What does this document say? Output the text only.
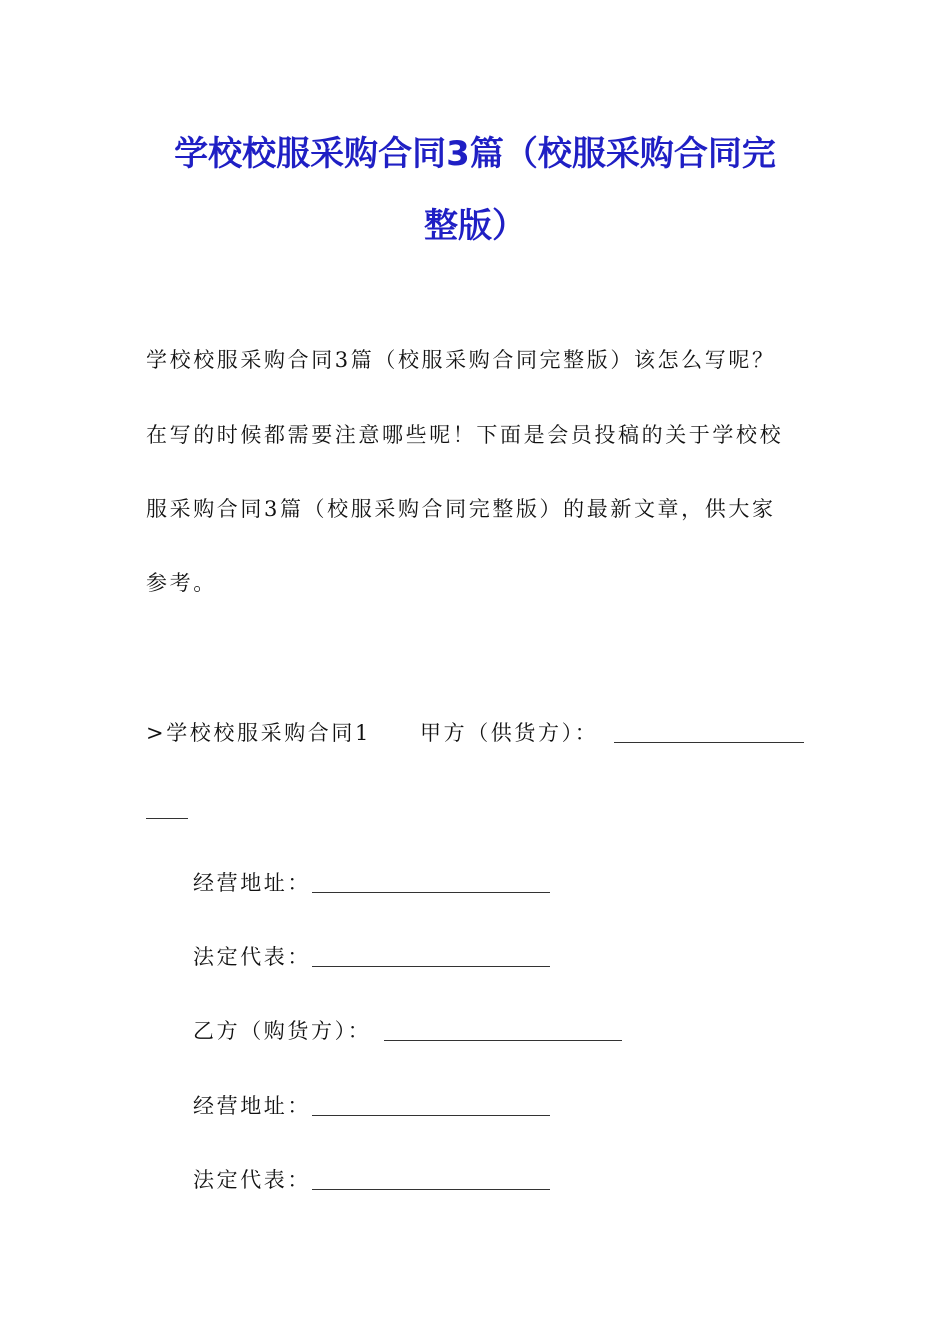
学校校服采购合同3篇（校服采购合同完
整版）
学校校服采购合同3篇（校服采购合同完整版）该怎么写呢？
在写的时候都需要注意哪些呢！下面是会员投稿的关于学校校
服采购合同3篇（校服采购合同完整版）的最新文章，供大家
参考。
>学校校服采购合同1 甲方（供货方）：
经营地址：
法定代表：
乙方（购货方）：
经营地址：
法定代表：
